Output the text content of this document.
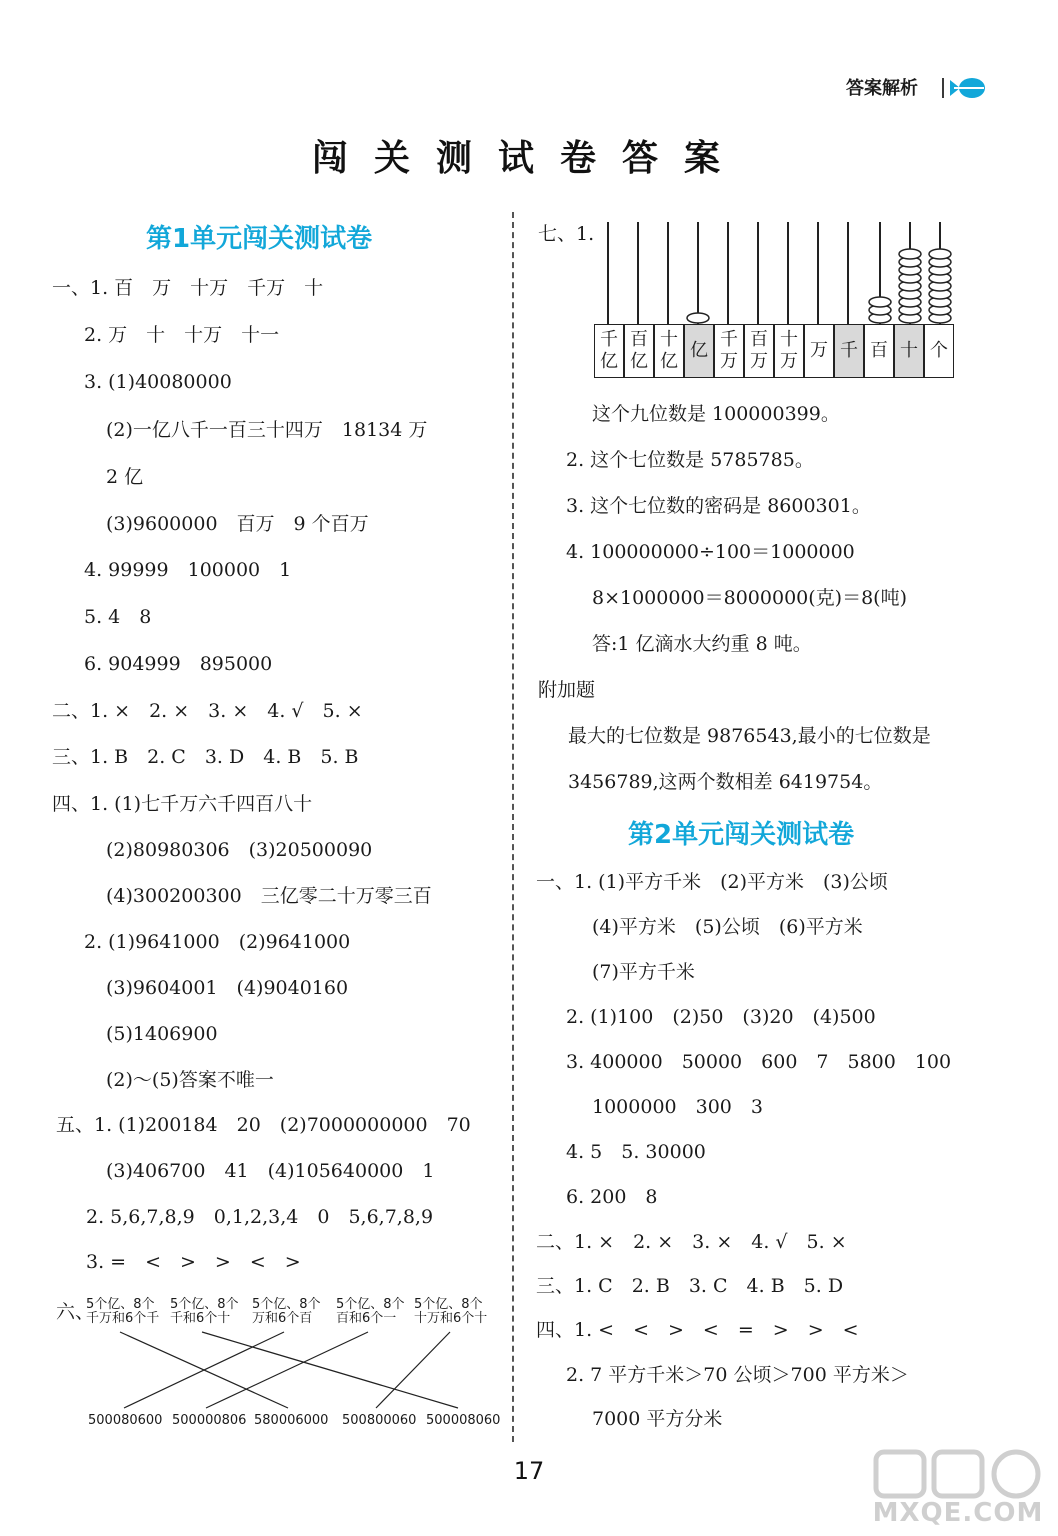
答案解析
闯关测试卷答案
第1单元闯关测试卷
一、1. 百　万　十万　千万　十
2. 万　十　十万　十一
3. (1)40080000
(2)一亿八千一百三十四万　18134 万
2 亿
(3)9600000　百万　9 个百万
4. 99999　100000　1
5. 4　8
6. 904999　895000
二、1. ×　2. ×　3. ×　4. √　5. ×
三、1. B　2. C　3. D　4. B　5. B
四、1. (1)七千万六千四百八十
(2)80980306　(3)20500090
(4)300200300　三亿零二十万零三百
2. (1)9641000　(2)9641000
(3)9604001　(4)9040160
(5)1406900
(2)～(5)答案不唯一
五、1. (1)200184　20　(2)7000000000　70
(3)406700　41　(4)105640000　1
2. 5,6,7,8,9　0,1,2,3,4　0　5,6,7,8,9
3. =　<　>　>　<　>
六、
5个亿、8个
千万和6个千
5个亿、8个
千和6个十
5个亿、8个
万和6个百
5个亿、8个
百和6个一
5个亿、8个
十万和6个十
500080600 500000806 580006000 500800060 500008060
七、1.
千
亿
百
亿
十
亿
亿
千
万
百
万
十
万
万 千 百 十 个
这个九位数是 100000399。
2. 这个七位数是 5785785。
3. 这个七位数的密码是 8600301。
4. 100000000÷100＝1000000
8×1000000＝8000000(克)＝8(吨)
答:1 亿滴水大约重 8 吨。
附加题
最大的七位数是 9876543,最小的七位数是
3456789,这两个数相差 6419754。
第2单元闯关测试卷
一、1. (1)平方千米　(2)平方米　(3)公顷
(4)平方米　(5)公顷　(6)平方米
(7)平方千米
2. (1)100　(2)50　(3)20　(4)500
3. 400000　50000　600　7　5800　100
1000000　300　3
4. 5　5. 30000
6. 200　8
二、1. ×　2. ×　3. ×　4. √　5. ×
三、1. C　2. B　3. C　4. B　5. D
四、1. <　<　>　<　=　>　>　<
2. 7 平方千米＞70 公顷＞700 平方米＞
7000 平方分米
17
MXQE.COM
